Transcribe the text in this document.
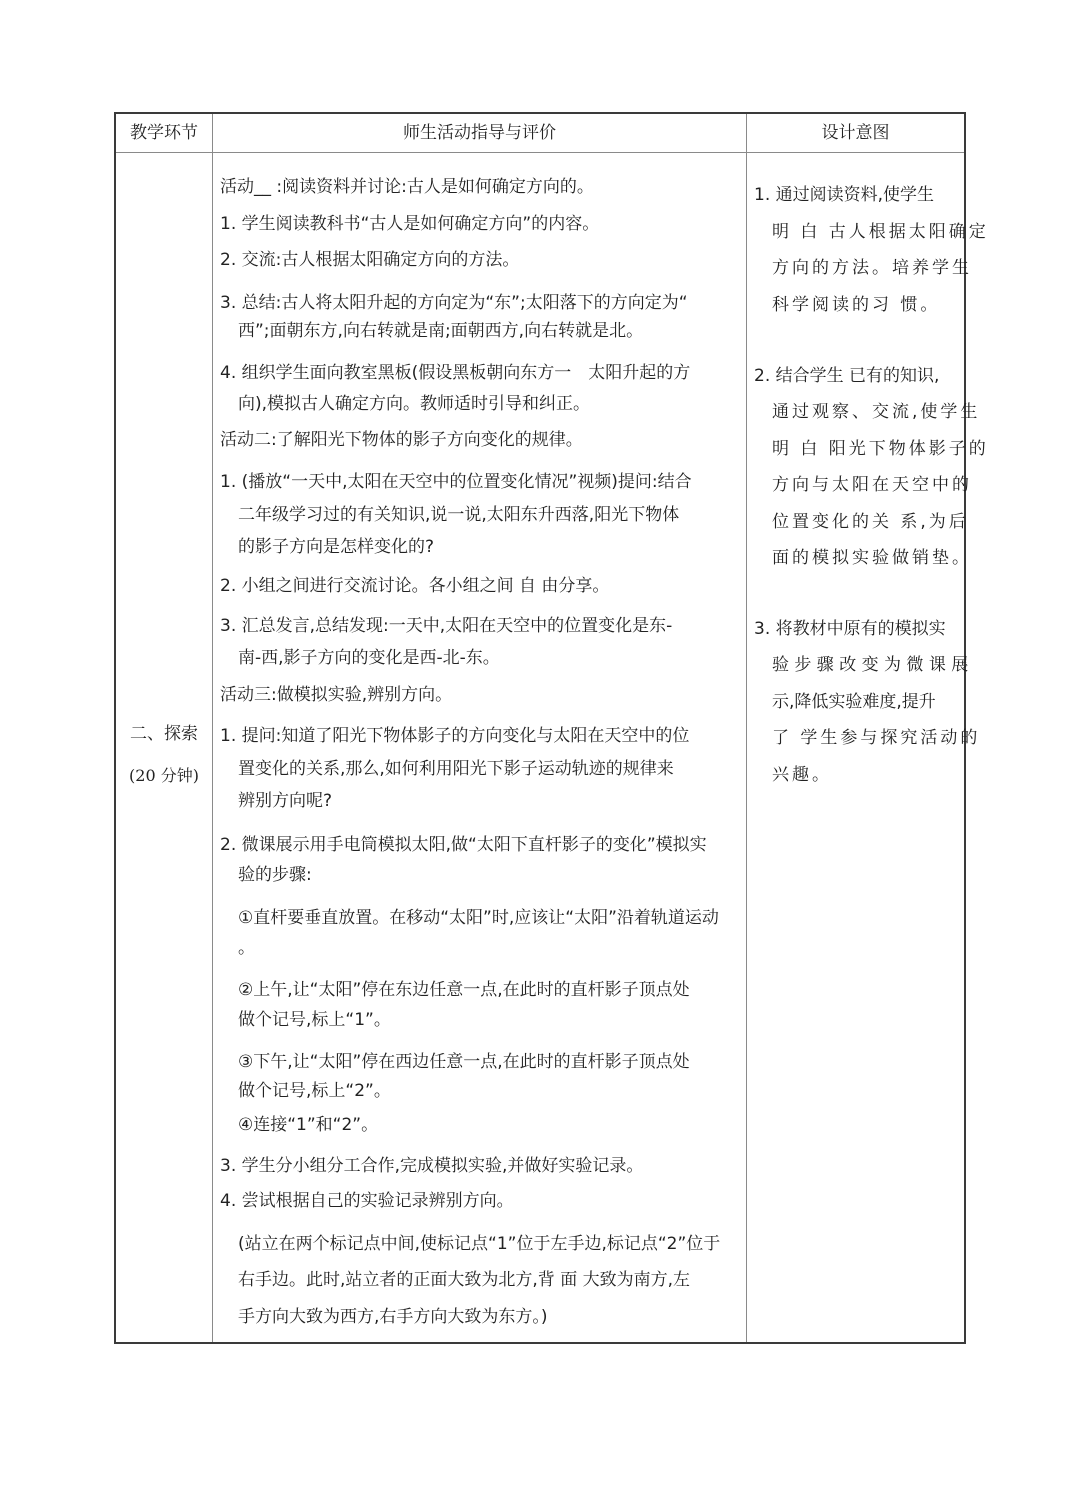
教学环节	师生活动指导与评价	设计意图
二、探索
(20 分钟)
活动__ :阅读资料并讨论:古人是如何确定方向的。
1. 学生阅读教科书“古人是如何确定方向”的内容。
2. 交流:古人根据太阳确定方向的方法。
3. 总结:古人将太阳升起的方向定为“东”;太阳落下的方向定为“
西”;面朝东方,向右转就是南;面朝西方,向右转就是北。
4. 组织学生面向教室黑板(假设黑板朝向东方一　太阳升起的方
向),模拟古人确定方向。教师适时引导和纠正。
活动二:了解阳光下物体的影子方向变化的规律。
1. (播放“一天中,太阳在天空中的位置变化情况”视频)提问:结合
二年级学习过的有关知识,说一说,太阳东升西落,阳光下物体
的影子方向是怎样变化的?
2. 小组之间进行交流讨论。各小组之间 自 由分享。
3. 汇总发言,总结发现:一天中,太阳在天空中的位置变化是东-
南-西,影子方向的变化是西-北-东。
活动三:做模拟实验,辨别方向。
1. 提问:知道了阳光下物体影子的方向变化与太阳在天空中的位
置变化的关系,那么,如何利用阳光下影子运动轨迹的规律来
辨别方向呢?
2. 微课展示用手电筒模拟太阳,做“太阳下直杆影子的变化”模拟实
验的步骤:
①直杆要垂直放置。在移动“太阳”时,应该让“太阳”沿着轨道运动
。
②上午,让“太阳”停在东边任意一点,在此时的直杆影子顶点处
做个记号,标上“1”。
③下午,让“太阳”停在西边任意一点,在此时的直杆影子顶点处
做个记号,标上“2”。
④连接“1”和“2”。
3. 学生分小组分工合作,完成模拟实验,并做好实验记录。
4. 尝试根据自己的实验记录辨别方向。
(站立在两个标记点中间,使标记点“1”位于左手边,标记点“2”位于
右手边。此时,站立者的正面大致为北方,背 面 大致为南方,左
手方向大致为西方,右手方向大致为东方。)
1. 通过阅读资料,使学生
明 白 古人根据太阳确定
方向的方法。培养学生
科学阅读的习 惯。
2. 结合学生 已有的知识,
通过观察、交流,使学生
明 白 阳光下物体影子的
方向与太阳在天空中的
位置变化的关 系,为后
面的模拟实验做销垫。
3. 将教材中原有的模拟实
验 步 骤 改 变 为 微 课 展
示,降低实验难度,提升
了 学生参与探究活动的
兴趣。
